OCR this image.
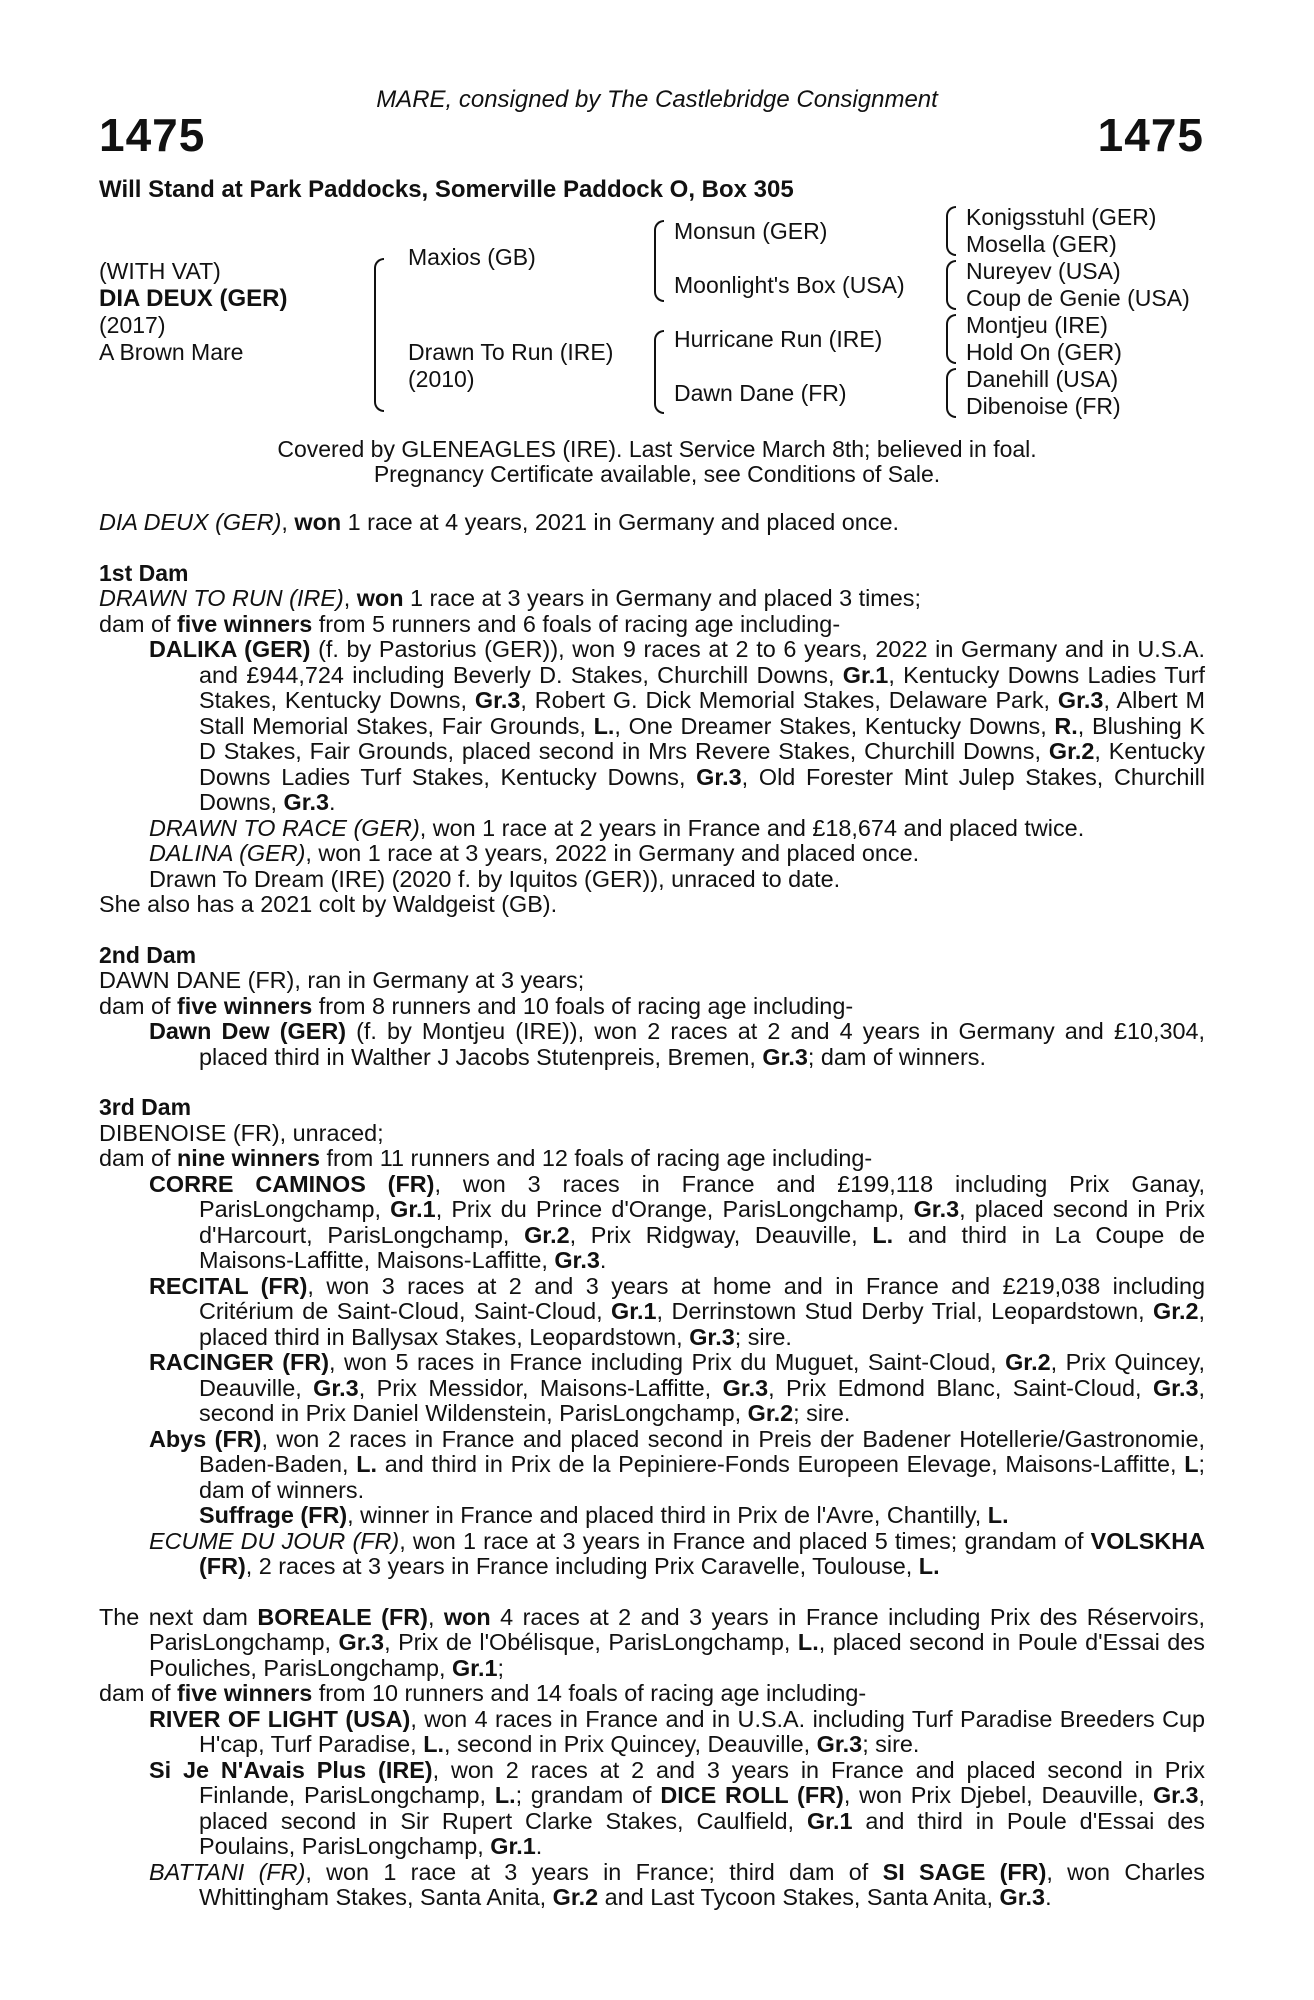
MARE, consigned by The Castlebridge Consignment
1475	1475
Will Stand at Park Paddocks, Somerville Paddock O, Box 305
(WITH VAT)
DIA DEUX (GER)
(2017)
A Brown Mare
Maxios (GB)
Drawn To Run (IRE)
(2010)
Monsun (GER)
Moonlight's Box (USA)
Hurricane Run (IRE)
Dawn Dane (FR)
Konigsstuhl (GER)
Mosella (GER)
Nureyev (USA)
Coup de Genie (USA)
Montjeu (IRE)
Hold On (GER)
Danehill (USA)
Dibenoise (FR)
Covered by GLENEAGLES (IRE). Last Service March 8th; believed in foal.
Pregnancy Certificate available, see Conditions of Sale.

DIA DEUX (GER), won 1 race at 4 years, 2021 in Germany and placed once.

1st Dam

DRAWN TO RUN (IRE), won 1 race at 3 years in Germany and placed 3 times;

dam of five winners from 5 runners and 6 foals of racing age including-

DALIKA (GER) (f. by Pastorius (GER)), won 9 races at 2 to 6 years, 2022 in Germany and in U.S.A. and £944,724 including Beverly D. Stakes, Churchill Downs, Gr.1, Kentucky Downs Ladies Turf Stakes, Kentucky Downs, Gr.3, Robert G. Dick Memorial Stakes, Delaware Park, Gr.3, Albert M Stall Memorial Stakes, Fair Grounds, L., One Dreamer Stakes, Kentucky Downs, R., Blushing K D Stakes, Fair Grounds, placed second in Mrs Revere Stakes, Churchill Downs, Gr.2, Kentucky Downs Ladies Turf Stakes, Kentucky Downs, Gr.3, Old Forester Mint Julep Stakes, Churchill Downs, Gr.3.

DRAWN TO RACE (GER), won 1 race at 2 years in France and £18,674 and placed twice.

DALINA (GER), won 1 race at 3 years, 2022 in Germany and placed once.

Drawn To Dream (IRE) (2020 f. by Iquitos (GER)), unraced to date.

She also has a 2021 colt by Waldgeist (GB).

2nd Dam

DAWN DANE (FR), ran in Germany at 3 years;

dam of five winners from 8 runners and 10 foals of racing age including-

Dawn Dew (GER) (f. by Montjeu (IRE)), won 2 races at 2 and 4 years in Germany and £10,304, placed third in Walther J Jacobs Stutenpreis, Bremen, Gr.3; dam of winners.

3rd Dam

DIBENOISE (FR), unraced;

dam of nine winners from 11 runners and 12 foals of racing age including-

CORRE CAMINOS (FR), won 3 races in France and £199,118 including Prix Ganay, ParisLongchamp, Gr.1, Prix du Prince d'Orange, ParisLongchamp, Gr.3, placed second in Prix d'Harcourt, ParisLongchamp, Gr.2, Prix Ridgway, Deauville, L. and third in La Coupe de Maisons-Laffitte, Maisons-Laffitte, Gr.3.

RECITAL (FR), won 3 races at 2 and 3 years at home and in France and £219,038 including Critérium de Saint-Cloud, Saint-Cloud, Gr.1, Derrinstown Stud Derby Trial, Leopardstown, Gr.2, placed third in Ballysax Stakes, Leopardstown, Gr.3; sire.

RACINGER (FR), won 5 races in France including Prix du Muguet, Saint-Cloud, Gr.2, Prix Quincey, Deauville, Gr.3, Prix Messidor, Maisons-Laffitte, Gr.3, Prix Edmond Blanc, Saint-Cloud, Gr.3, second in Prix Daniel Wildenstein, ParisLongchamp, Gr.2; sire.

Abys (FR), won 2 races in France and placed second in Preis der Badener Hotellerie/Gastronomie, Baden-Baden, L. and third in Prix de la Pepiniere-Fonds Europeen Elevage, Maisons-Laffitte, L; dam of winners.

Suffrage (FR), winner in France and placed third in Prix de l'Avre, Chantilly, L.

ECUME DU JOUR (FR), won 1 race at 3 years in France and placed 5 times; grandam of VOLSKHA (FR), 2 races at 3 years in France including Prix Caravelle, Toulouse, L.

The next dam BOREALE (FR), won 4 races at 2 and 3 years in France including Prix des Réservoirs, ParisLongchamp, Gr.3, Prix de l'Obélisque, ParisLongchamp, L., placed second in Poule d'Essai des Pouliches, ParisLongchamp, Gr.1;

dam of five winners from 10 runners and 14 foals of racing age including-

RIVER OF LIGHT (USA), won 4 races in France and in U.S.A. including Turf Paradise Breeders Cup H'cap, Turf Paradise, L., second in Prix Quincey, Deauville, Gr.3; sire.

Si Je N'Avais Plus (IRE), won 2 races at 2 and 3 years in France and placed second in Prix Finlande, ParisLongchamp, L.; grandam of DICE ROLL (FR), won Prix Djebel, Deauville, Gr.3, placed second in Sir Rupert Clarke Stakes, Caulfield, Gr.1 and third in Poule d'Essai des Poulains, ParisLongchamp, Gr.1.

BATTANI (FR), won 1 race at 3 years in France; third dam of SI SAGE (FR), won Charles Whittingham Stakes, Santa Anita, Gr.2 and Last Tycoon Stakes, Santa Anita, Gr.3.
